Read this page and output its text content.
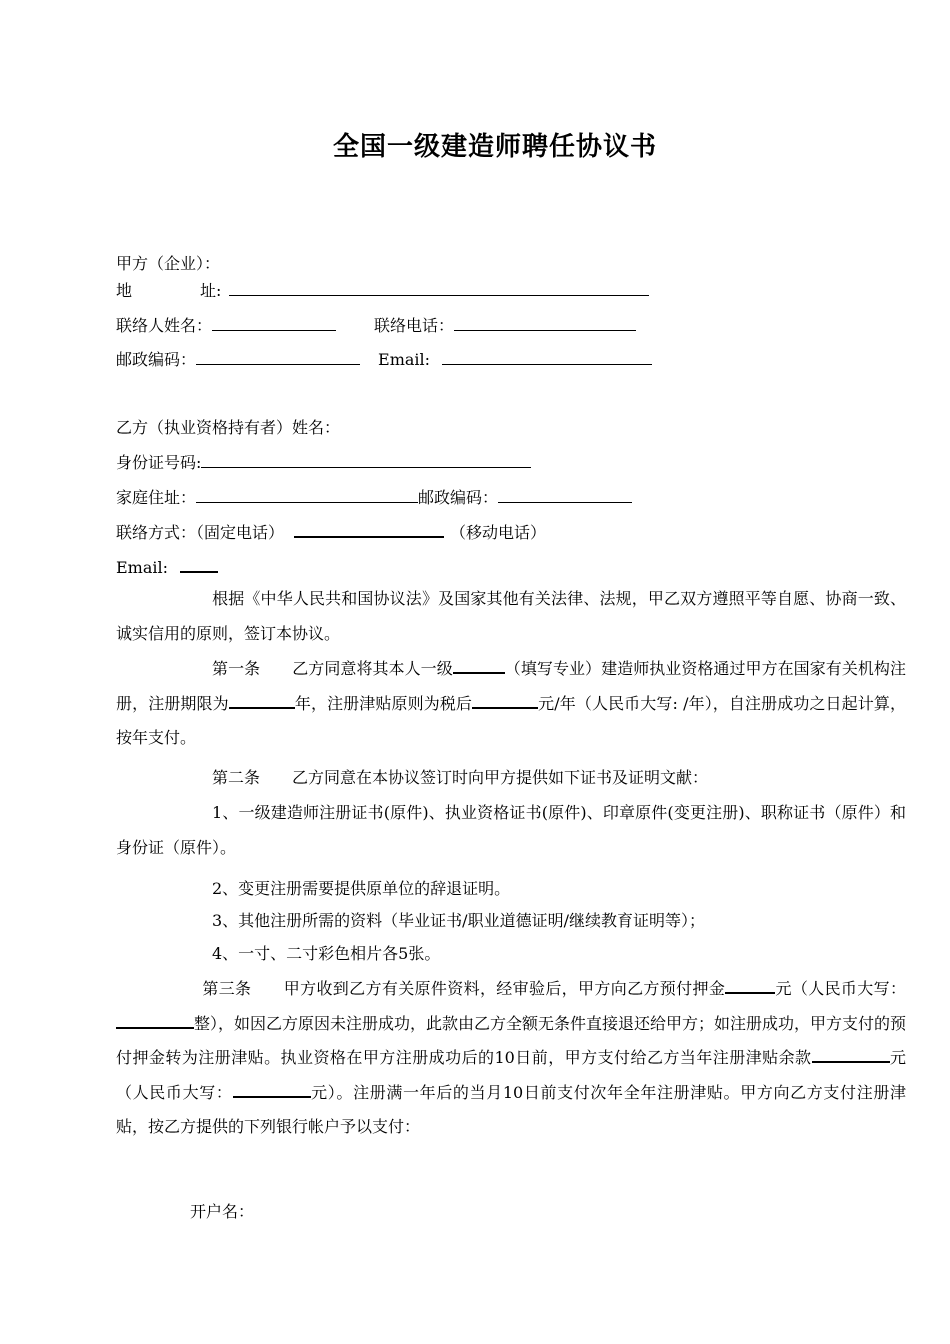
全国一级建造师聘任协议书
甲方（企业）：
地	址:
联络人姓名：	联络电话：
邮政编码：	Email:
乙方（执业资格持有者）姓名：
身份证号码:
家庭住址：	邮政编码：
联络方式：（固定电话）	（移动电话）
Email:
根据《中华人民共和国协议法》及国家其他有关法律、法规，甲乙双方遵照平等自愿、协商一致、诚实信用的原则，签订本协议。
第一条 乙方同意将其本人一级	（填写专业）建造师执业资格通过甲方在国家有关机构注册，注册期限为	年，注册津贴原则为税后	元/年（人民币大写: /年），自注册成功之日起计算，按年支付。
第二条 乙方同意在本协议签订时向甲方提供如下证书及证明文献：
1、一级建造师注册证书(原件)、执业资格证书(原件)、印章原件(变更注册)、职称证书（原件）和身份证（原件）。
2、变更注册需要提供原单位的辞退证明。
3、其他注册所需的资料（毕业证书/职业道德证明/继续教育证明等）；
4、一寸、二寸彩色相片各5张。
第三条 甲方收到乙方有关原件资料，经审验后，甲方向乙方预付押金	元（人民币大写：整），如因乙方原因未注册成功，此款由乙方全额无条件直接退还给甲方；如注册成功，甲方支付的预付押金转为注册津贴。执业资格在甲方注册成功后的10日前，甲方支付给乙方当年注册津贴余款	元（人民币大写：	元）。注册满一年后的当月10日前支付次年全年注册津贴。甲方向乙方支付注册津贴，按乙方提供的下列银行帐户予以支付：
开户名：
